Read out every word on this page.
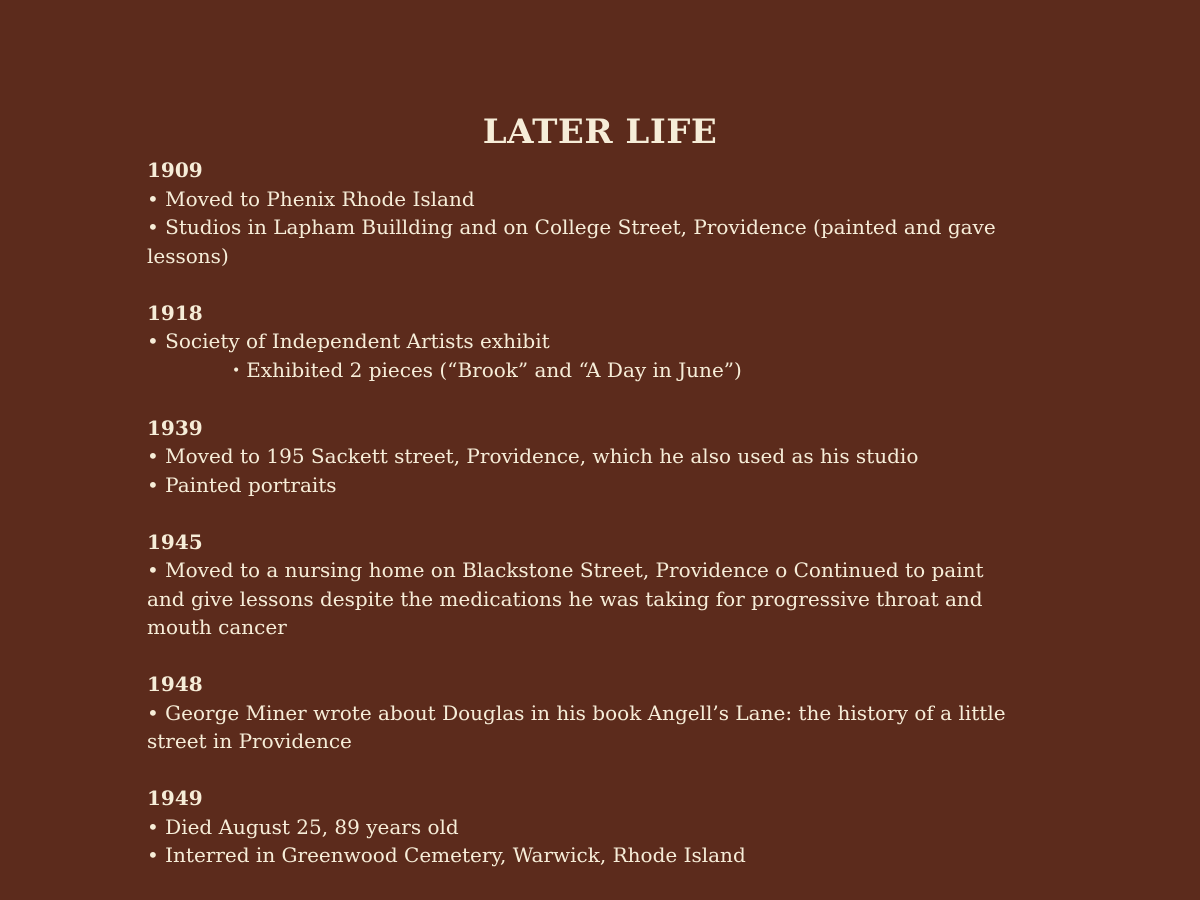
LATER LIFE
1909
• Moved to Phenix Rhode Island
• Studios in Lapham Buillding and on College Street, Providence (painted and gave lessons)
1918
• Society of Independent Artists exhibit
• Exhibited 2 pieces (“Brook” and “A Day in June”)
1939
• Moved to 195 Sackett street, Providence, which he also used as his studio
• Painted portraits
1945
• Moved to a nursing home on Blackstone Street, Providence o Continued to paint and give lessons despite the medications he was taking for progressive throat and mouth cancer
1948
• George Miner wrote about Douglas in his book Angell’s Lane: the history of a little street in Providence
1949
• Died August 25, 89 years old
• Interred in Greenwood Cemetery, Warwick, Rhode Island
